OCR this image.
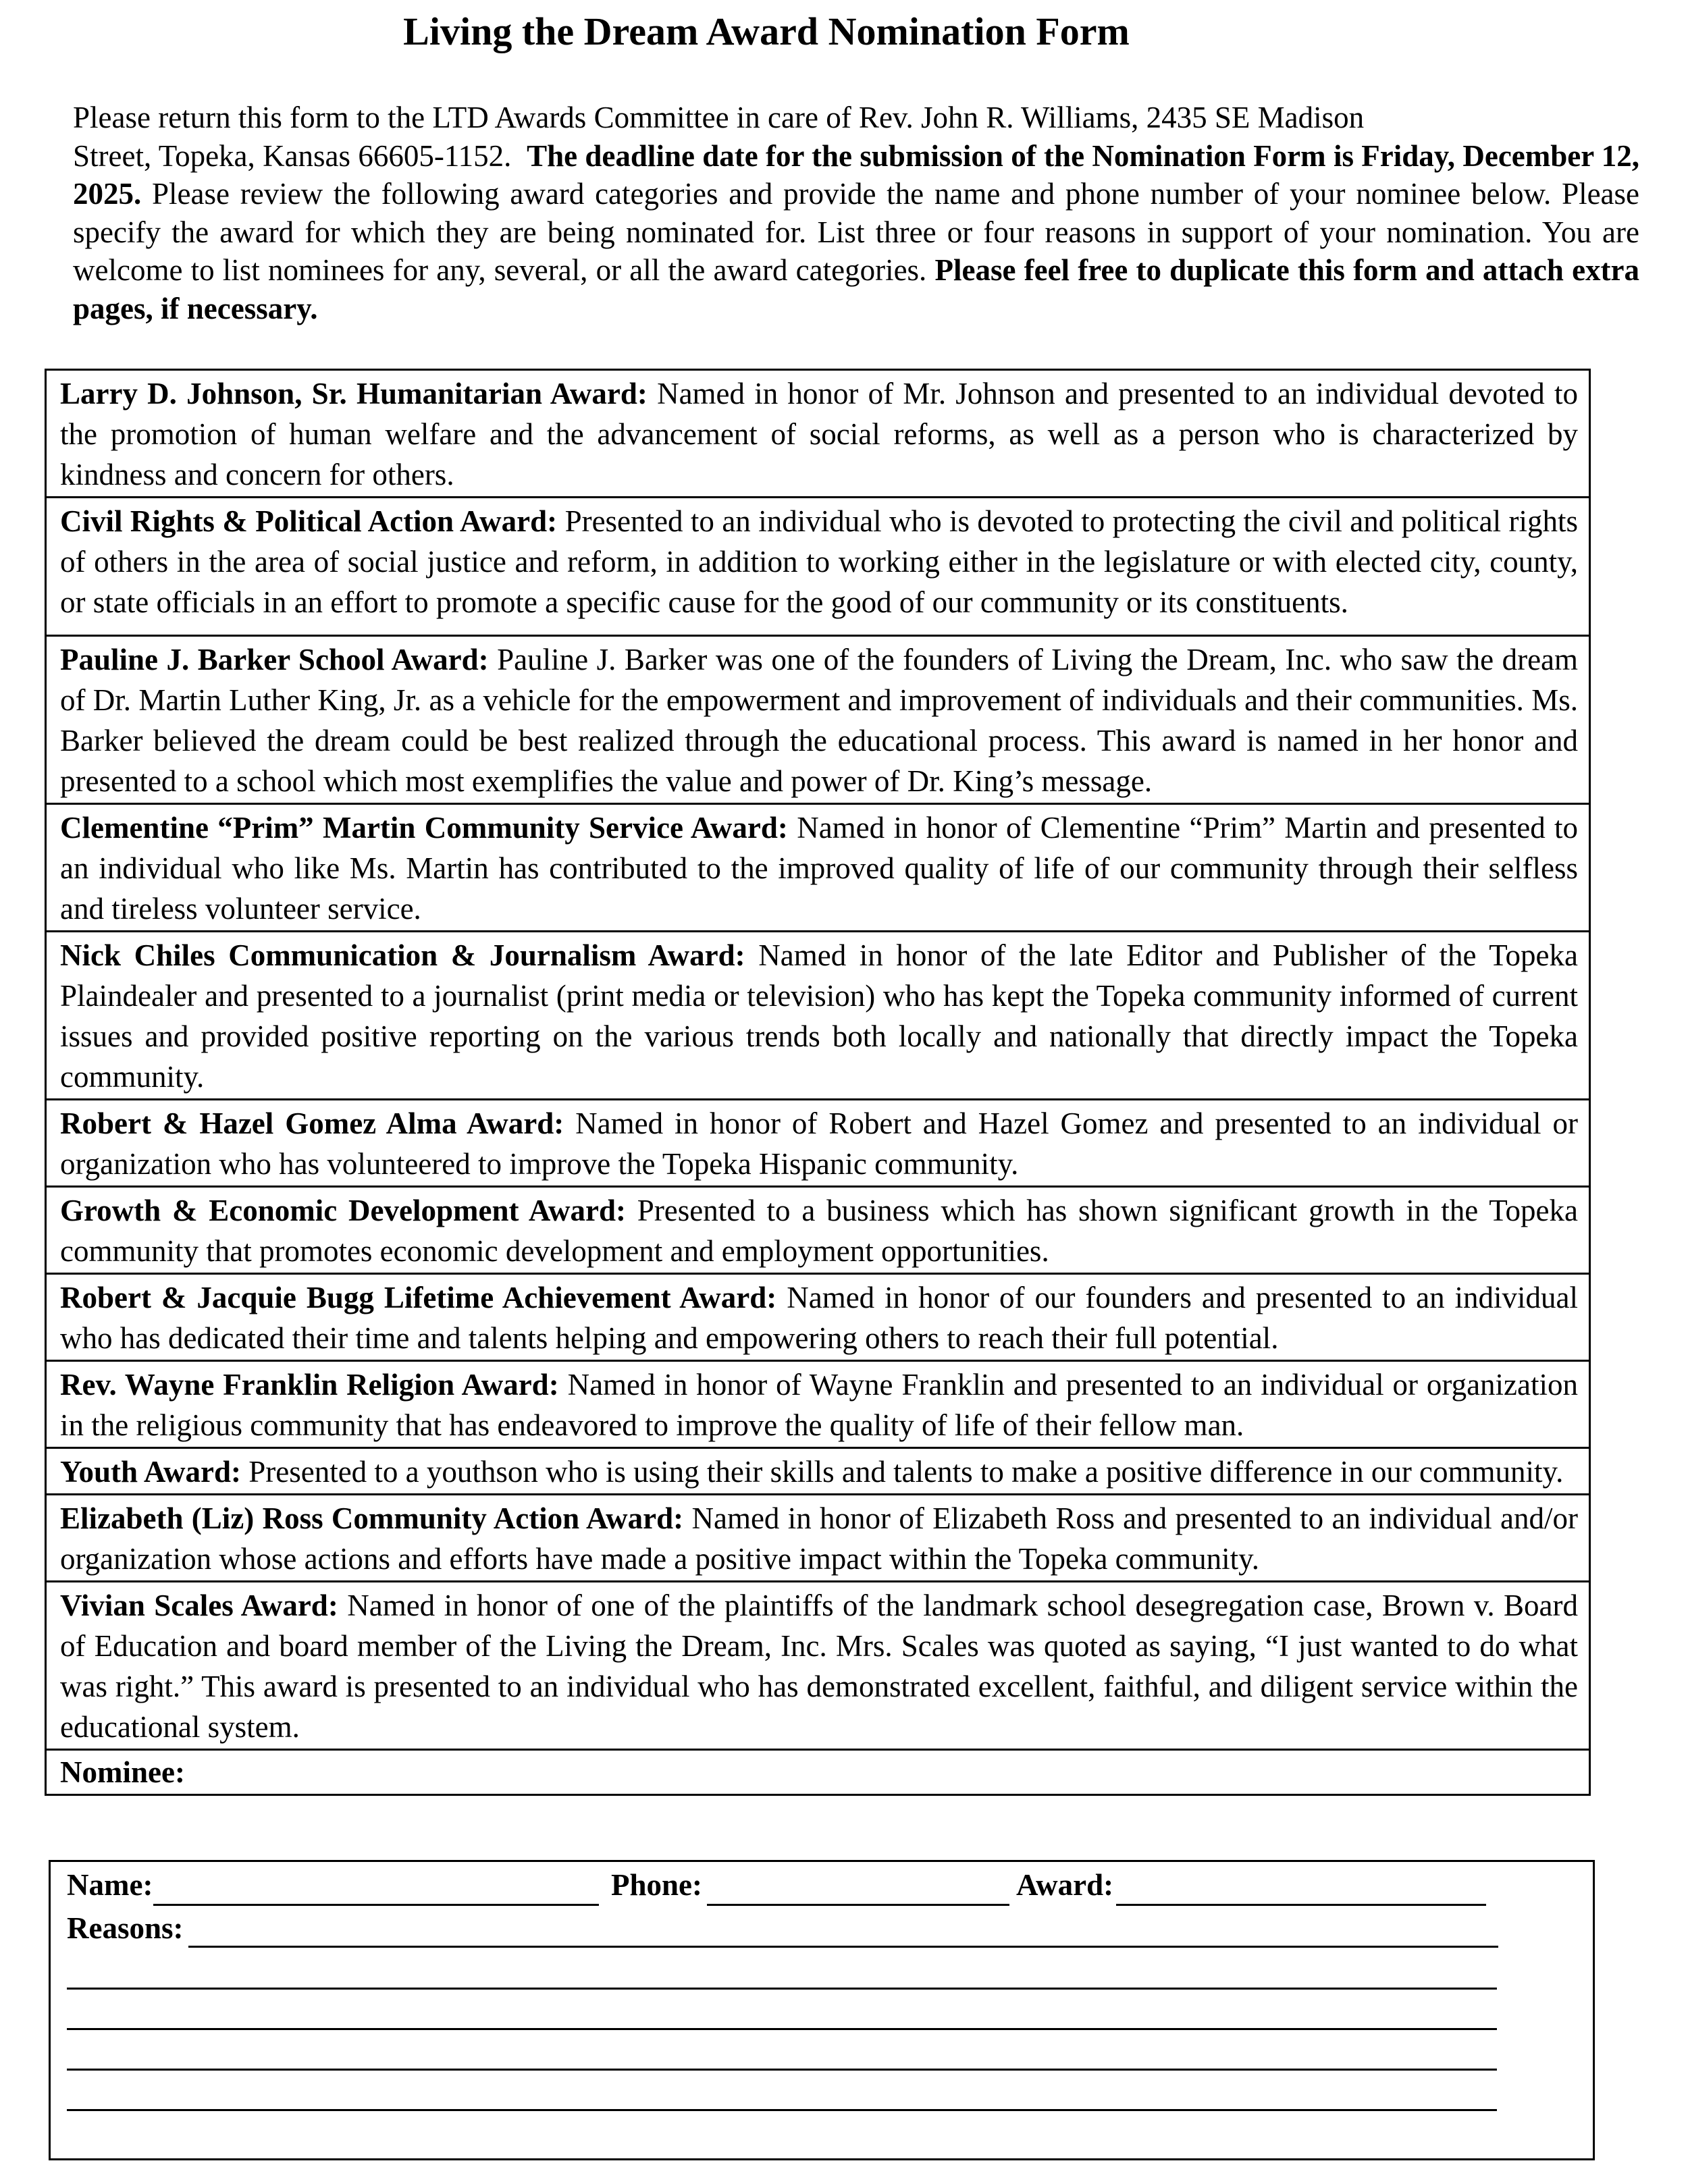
Living the Dream Award Nomination Form
Please return this form to the LTD Awards Committee in care of Rev. John R. Williams, 2435 SE Madison
Street, Topeka, Kansas 66605-1152. The deadline date for the submission of the Nomination Form is Friday, December 12, 2025. Please review the following award categories and provide the name and phone number of your nominee below. Please specify the award for which they are being nominated for. List three or four reasons in support of your nomination. You are welcome to list nominees for any, several, or all the award categories. Please feel free to duplicate this form and attach extra pages, if necessary.
Larry D. Johnson, Sr. Humanitarian Award: Named in honor of Mr. Johnson and presented to an individual devoted to the promotion of human welfare and the advancement of social reforms, as well as a person who is characterized by kindness and concern for others.
Civil Rights & Political Action Award: Presented to an individual who is devoted to protecting the civil and political rights of others in the area of social justice and reform, in addition to working either in the legislature or with elected city, county, or state officials in an effort to promote a specific cause for the good of our community or its constituents.
Pauline J. Barker School Award: Pauline J. Barker was one of the founders of Living the Dream, Inc. who saw the dream of Dr. Martin Luther King, Jr. as a vehicle for the empowerment and improvement of individuals and their communities. Ms. Barker believed the dream could be best realized through the educational process. This award is named in her honor and presented to a school which most exemplifies the value and power of Dr. King’s message.
Clementine “Prim” Martin Community Service Award: Named in honor of Clementine “Prim” Martin and presented to an individual who like Ms. Martin has contributed to the improved quality of life of our community through their selfless and tireless volunteer service.
Nick Chiles Communication & Journalism Award: Named in honor of the late Editor and Publisher of the Topeka Plaindealer and presented to a journalist (print media or television) who has kept the Topeka community informed of current issues and provided positive reporting on the various trends both locally and nationally that directly impact the Topeka community.
Robert & Hazel Gomez Alma Award: Named in honor of Robert and Hazel Gomez and presented to an individual or organization who has volunteered to improve the Topeka Hispanic community.
Growth & Economic Development Award: Presented to a business which has shown significant growth in the Topeka community that promotes economic development and employment opportunities.
Robert & Jacquie Bugg Lifetime Achievement Award: Named in honor of our founders and presented to an individual who has dedicated their time and talents helping and empowering others to reach their full potential.
Rev. Wayne Franklin Religion Award: Named in honor of Wayne Franklin and presented to an individual or organization in the religious community that has endeavored to improve the quality of life of their fellow man.
Youth Award: Presented to a youthson who is using their skills and talents to make a positive difference in our community.
Elizabeth (Liz) Ross Community Action Award: Named in honor of Elizabeth Ross and presented to an individual and/or organization whose actions and efforts have made a positive impact within the Topeka community.
Vivian Scales Award: Named in honor of one of the plaintiffs of the landmark school desegregation case, Brown v. Board of Education and board member of the Living the Dream, Inc. Mrs. Scales was quoted as saying, “I just wanted to do what was right.” This award is presented to an individual who has demonstrated excellent, faithful, and diligent service within the educational system.
Nominee:
Name:	Phone:	Award:
Reasons:
